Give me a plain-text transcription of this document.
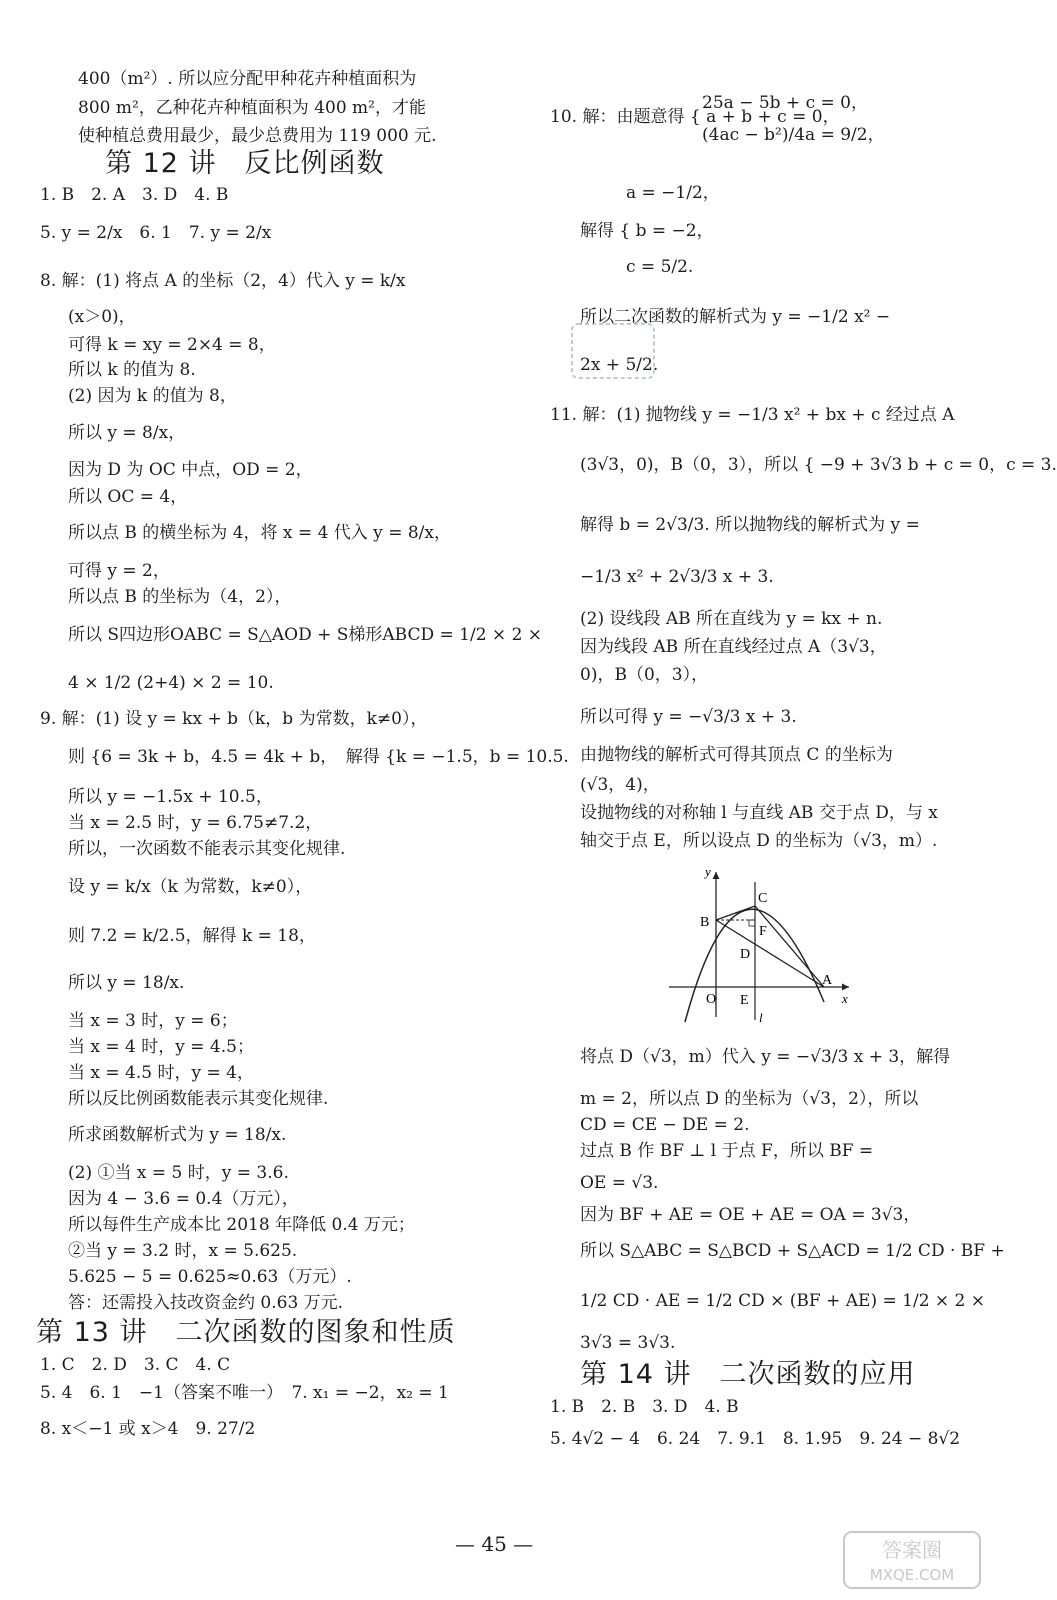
400（m²）. 所以应分配甲种花卉种植面积为
800 m²，乙种花卉种植面积为 400 m²，才能
使种植总费用最少，最少总费用为 119 000 元.
第 12 讲　反比例函数
1. B　2. A　3. D　4. B
5. y = 2/x　6. 1　7. y = 2/x
8. 解：(1) 将点 A 的坐标（2，4）代入 y = k/x
(x＞0)，
可得 k = xy = 2×4 = 8，
所以 k 的值为 8.
(2) 因为 k 的值为 8，
所以 y = 8/x，
因为 D 为 OC 中点，OD = 2，
所以 OC = 4，
所以点 B 的横坐标为 4，将 x = 4 代入 y = 8/x，
可得 y = 2，
所以点 B 的坐标为（4，2），
所以 S四边形OABC = S△AOD + S梯形ABCD = 1/2 × 2 ×
4 × 1/2 (2+4) × 2 = 10.
9. 解：(1) 设 y = kx + b（k，b 为常数，k≠0），
则 {6 = 3k + b，4.5 = 4k + b，　解得 {k = −1.5，b = 10.5.
所以 y = −1.5x + 10.5，
当 x = 2.5 时，y = 6.75≠7.2，
所以，一次函数不能表示其变化规律.
设 y = k/x（k 为常数，k≠0），
则 7.2 = k/2.5，解得 k = 18，
所以 y = 18/x.
当 x = 3 时，y = 6；
当 x = 4 时，y = 4.5；
当 x = 4.5 时，y = 4，
所以反比例函数能表示其变化规律.
所求函数解析式为 y = 18/x.
(2) ①当 x = 5 时，y = 3.6.
因为 4 − 3.6 = 0.4（万元），
所以每件生产成本比 2018 年降低 0.4 万元；
②当 y = 3.2 时，x = 5.625.
5.625 − 5 = 0.625≈0.63（万元）.
答：还需投入技改资金约 0.63 万元.
第 13 讲　二次函数的图象和性质
1. C　2. D　3. C　4. C
5. 4　6. 1　−1（答案不唯一）　7. x₁ = −2，x₂ = 1
8. x＜−1 或 x＞4　9. 27/2
10. 解：由题意得 { a + b + c = 0，
25a − 5b + c = 0，
(4ac − b²)/4a = 9/2，
a = −1/2，
解得 { b = −2，
c = 5/2.
所以二次函数的解析式为 y = −1/2 x² −
2x + 5/2.
11. 解：(1) 抛物线 y = −1/3 x² + bx + c 经过点 A
(3√3，0)，B（0，3），所以 { −9 + 3√3 b + c = 0，c = 3.
解得 b = 2√3/3. 所以抛物线的解析式为 y =
−1/3 x² + 2√3/3 x + 3.
(2) 设线段 AB 所在直线为 y = kx + n.
因为线段 AB 所在直线经过点 A（3√3，
0)，B（0，3），
所以可得 y = −√3/3 x + 3.
由抛物线的解析式可得其顶点 C 的坐标为
(√3，4)，
设抛物线的对称轴 l 与直线 AB 交于点 D，与 x
轴交于点 E，所以设点 D 的坐标为（√3，m）.
y
x
C
B
F
D
A
O E
l
将点 D（√3，m）代入 y = −√3/3 x + 3，解得
m = 2，所以点 D 的坐标为（√3，2），所以
CD = CE − DE = 2.
过点 B 作 BF ⊥ l 于点 F，所以 BF =
OE = √3.
因为 BF + AE = OE + AE = OA = 3√3，
所以 S△ABC = S△BCD + S△ACD = 1/2 CD · BF +
1/2 CD · AE = 1/2 CD × (BF + AE) = 1/2 × 2 ×
3√3 = 3√3.
第 14 讲　二次函数的应用
1. B　2. B　3. D　4. B
5. 4√2 − 4　6. 24　7. 9.1　8. 1.95　9. 24 − 8√2
— 45 —	答案圈
MXQE.COM
